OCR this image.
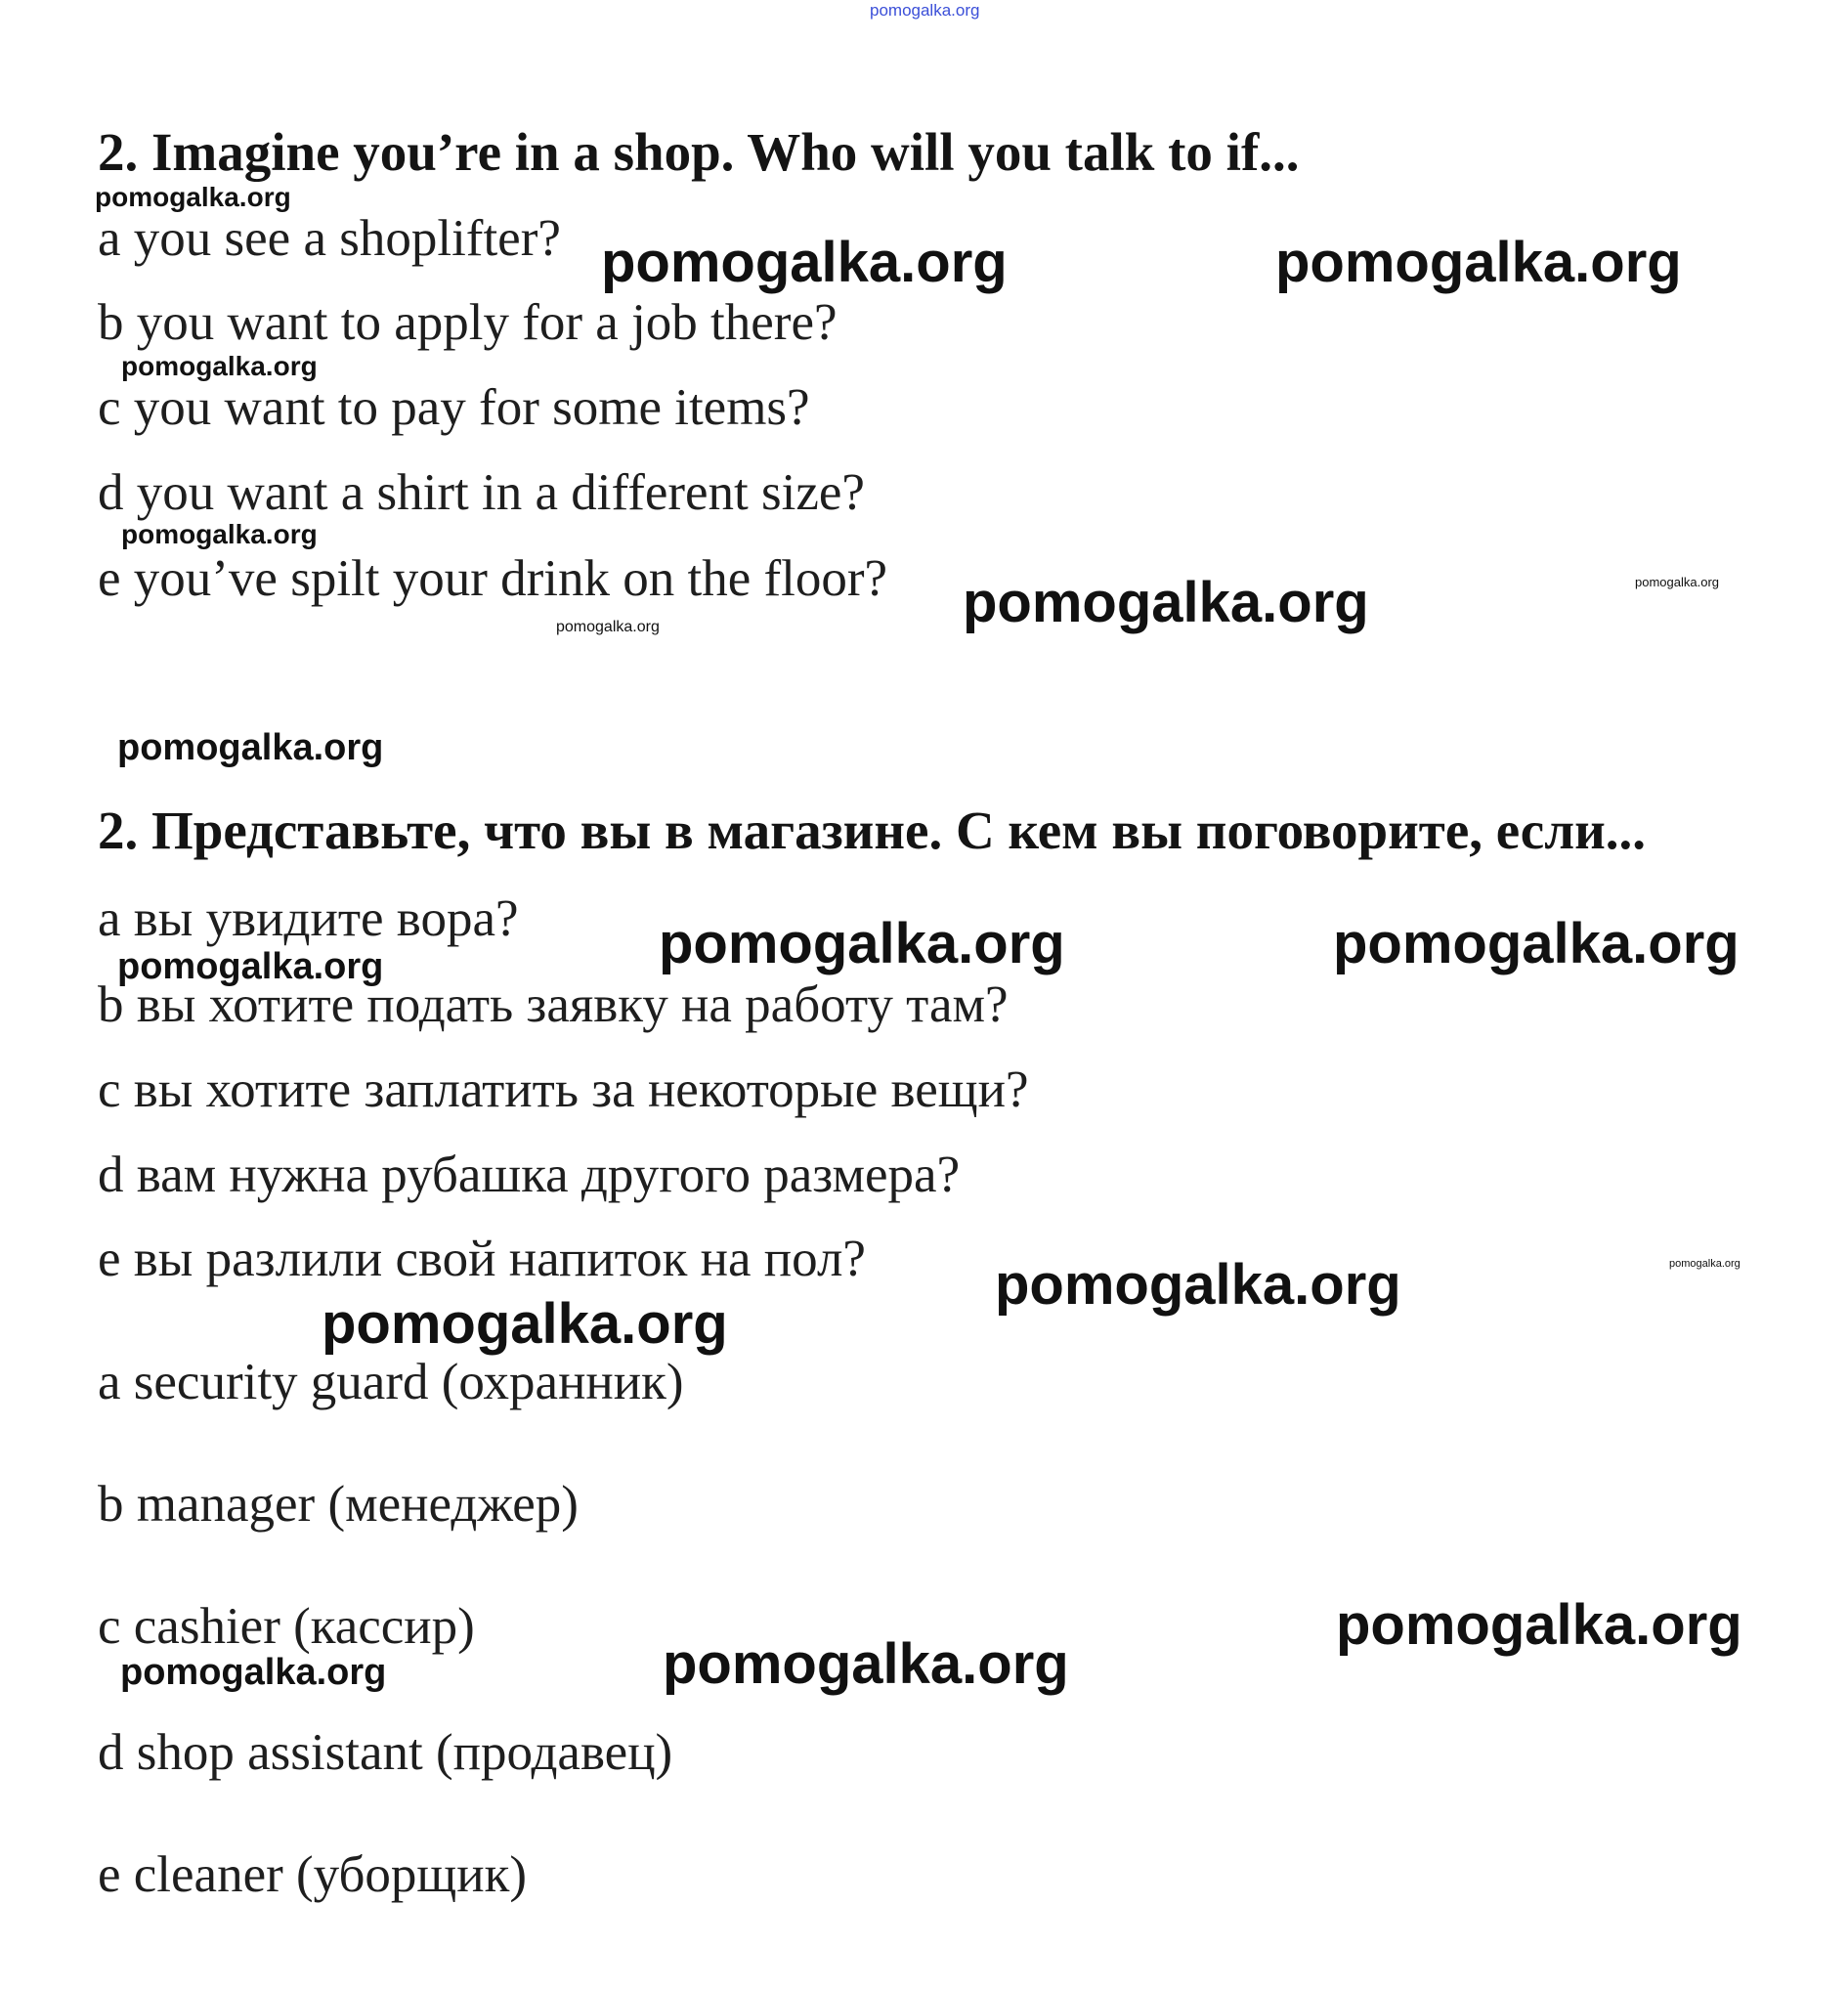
pomogalka.org
2. Imagine you’re in a shop. Who will you talk to if...
a you see a shoplifter?
b you want to apply for a job there?
c you want to pay for some items?
d you want a shirt in a different size?
e you’ve spilt your drink on the floor?
2. Представьте, что вы в магазине. С кем вы поговорите, если...
a вы увидите вора?
b вы хотите подать заявку на работу там?
c вы хотите заплатить за некоторые вещи?
d вам нужна рубашка другого размера?
e вы разлили свой напиток на пол?
a security guard (охранник)
b manager (менеджер)
c cashier (кассир)
d shop assistant (продавец)
e cleaner (уборщик)
pomogalka.org
pomogalka.org	pomogalka.org
pomogalka.org
pomogalka.org
pomogalka.org	pomogalka.org
pomogalka.org
pomogalka.org
pomogalka.org	pomogalka.org
pomogalka.org
pomogalka.org	pomogalka.org
pomogalka.org
pomogalka.org
pomogalka.org
pomogalka.org
